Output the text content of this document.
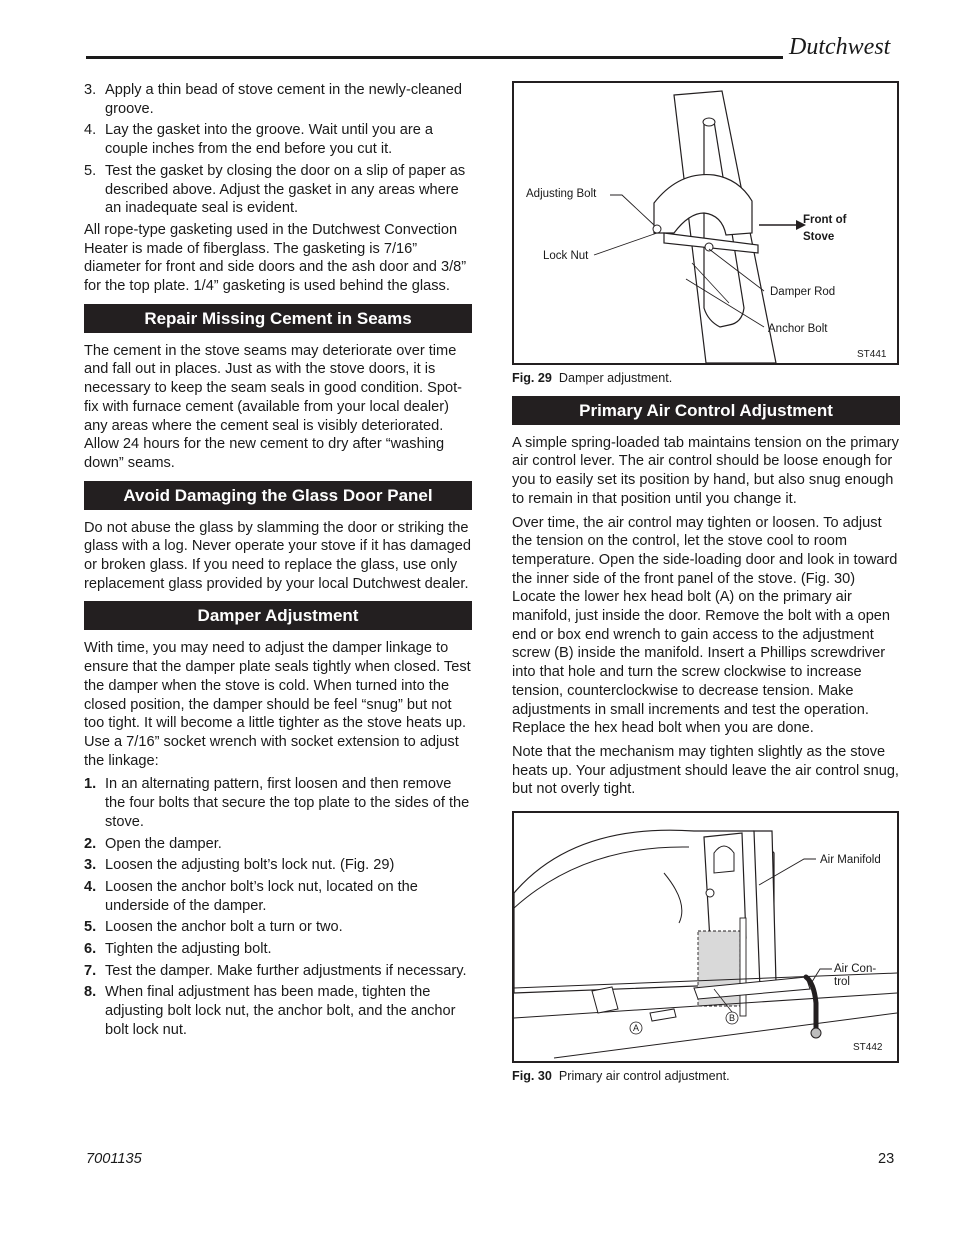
Dutchwest
3. Apply a thin bead of stove cement in the newly-cleaned groove.
4. Lay the gasket into the groove. Wait until you are a couple inches from the end before you cut it.
5. Test the gasket by closing the door on a slip of paper as described above. Adjust the gasket in any areas where an inadequate seal is evident.

All rope-type gasketing used in the Dutchwest Convection Heater is made of fiberglass. The gasketing is 7/16” diameter for front and side doors and the ash door and 3/8” for the top plate. 1/4” gasketing is used behind the glass.

Repair Missing Cement in Seams

The cement in the stove seams may deteriorate over time and fall out in places. Just as with the stove doors, it is necessary to keep the seam seals in good condition. Spot-fix with furnace cement (available from your local dealer) any areas where the cement seal is visibly deteriorated. Allow 24 hours for the new cement to dry after “washing down” seams.

Avoid Damaging the Glass Door Panel

Do not abuse the glass by slamming the door or striking the glass with a log. Never operate your stove if it has damaged or broken glass. If you need to replace the glass, use only replacement glass provided by your local Dutchwest dealer.

Damper Adjustment

With time, you may need to adjust the damper linkage to ensure that the damper plate seals tightly when closed. Test the damper when the stove is cold. When turned into the closed position, the damper should be feel “snug” but not too tight. It will become a little tighter as the stove heats up. Use a 7/16” socket wrench with socket extension to adjust the linkage:

1. In an alternating pattern, first loosen and then remove the four bolts that secure the top plate to the sides of the stove.
2. Open the damper.
3. Loosen the adjusting bolt’s lock nut. (Fig. 29)
4. Loosen the anchor bolt’s lock nut, located on the underside of the damper.
5. Loosen the anchor bolt a turn or two.
6. Tighten the adjusting bolt.
7. Test the damper. Make further adjustments if necessary.
8. When final adjustment has been made, tighten the adjusting bolt lock nut, the anchor bolt, and the anchor bolt lock nut.
Adjusting Bolt
Lock Nut
Front of
Stove
Damper Rod
Anchor Bolt
ST441
Fig. 29 Damper adjustment.
Primary Air Control Adjustment

A simple spring-loaded tab maintains tension on the primary air control lever. The air control should be loose enough for you to easily set its position by hand, but also snug enough to remain in that position until you change it.

Over time, the air control may tighten or loosen. To adjust the tension on the control, let the stove cool to room temperature. Open the side-loading door and look in toward the inner side of the front panel of the stove. (Fig. 30) Locate the lower hex head bolt (A) on the primary air manifold, just inside the door. Remove the bolt with a open end or box end wrench to gain access to the adjustment screw (B) inside the manifold. Insert a Phillips screwdriver into that hole and turn the screw clockwise to increase tension, counterclockwise to decrease tension. Make adjustments in small increments and test the operation. Replace the hex head bolt when you are done.

Note that the mechanism may tighten slightly as the stove heats up. Your adjustment should leave the air control snug, but not overly tight.

Air Manifold
Air Con-
trol
A
B
ST442
Fig. 30 Primary air control adjustment.
7001135	23
